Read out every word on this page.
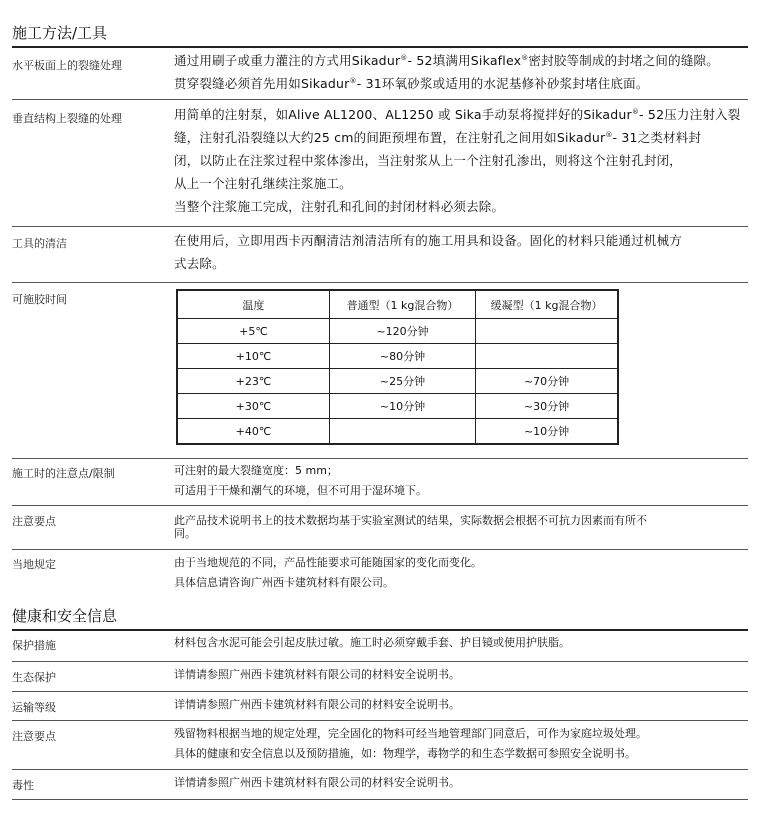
施工方法/工具
水平板面上的裂缝处理	通过用刷子或重力灌注的方式用Sikadur®- 52填满用Sikaflex®密封胶等制成的封堵之间的缝隙。

贯穿裂缝必须首先用如Sikadur®- 31环氧砂浆或适用的水泥基修补砂浆封堵住底面。

垂直结构上裂缝的处理	用简单的注射泵，如Alive AL1200、AL1250 或 Sika手动泵将搅拌好的Sikadur®- 52压力注射入裂

缝，注射孔沿裂缝以大约25 cm的间距预埋布置，在注射孔之间用如Sikadur®- 31之类材料封

闭，以防止在注浆过程中浆体渗出，当注射浆从上一个注射孔渗出，则将这个注射孔封闭，

从上一个注射孔继续注浆施工。

当整个注浆施工完成，注射孔和孔间的封闭材料必须去除。

工具的清洁	在使用后，立即用西卡丙酮清洁剂清洁所有的施工用具和设备。固化的材料只能通过机械方

式去除。

可施胶时间	温度	普通型（1 kg混合物）	缓凝型（1 kg混合物）
+5℃	~120分钟	
+10℃	~80分钟	
+23℃	~25分钟	~70分钟
+30℃	~10分钟	~30分钟
+40℃		~10分钟
施工时的注意点/限制	可注射的最大裂缝宽度：5 mm；

可适用于干燥和潮气的环境，但不可用于湿环境下。

注意要点	此产品技术说明书上的技术数据均基于实验室测试的结果，实际数据会根据不可抗力因素而有所不

同。

当地规定	由于当地规范的不同，产品性能要求可能随国家的变化而变化。

具体信息请咨询广州西卡建筑材料有限公司。

健康和安全信息
保护措施	材料包含水泥可能会引起皮肤过敏。施工时必须穿戴手套、护目镜或使用护肤脂。

生态保护	详情请参照广州西卡建筑材料有限公司的材料安全说明书。

运输等级	详情请参照广州西卡建筑材料有限公司的材料安全说明书。

注意要点	残留物料根据当地的规定处理，完全固化的物料可经当地管理部门同意后，可作为家庭垃圾处理。

具体的健康和安全信息以及预防措施，如：物理学，毒物学的和生态学数据可参照安全说明书。

毒性	详情请参照广州西卡建筑材料有限公司的材料安全说明书。
